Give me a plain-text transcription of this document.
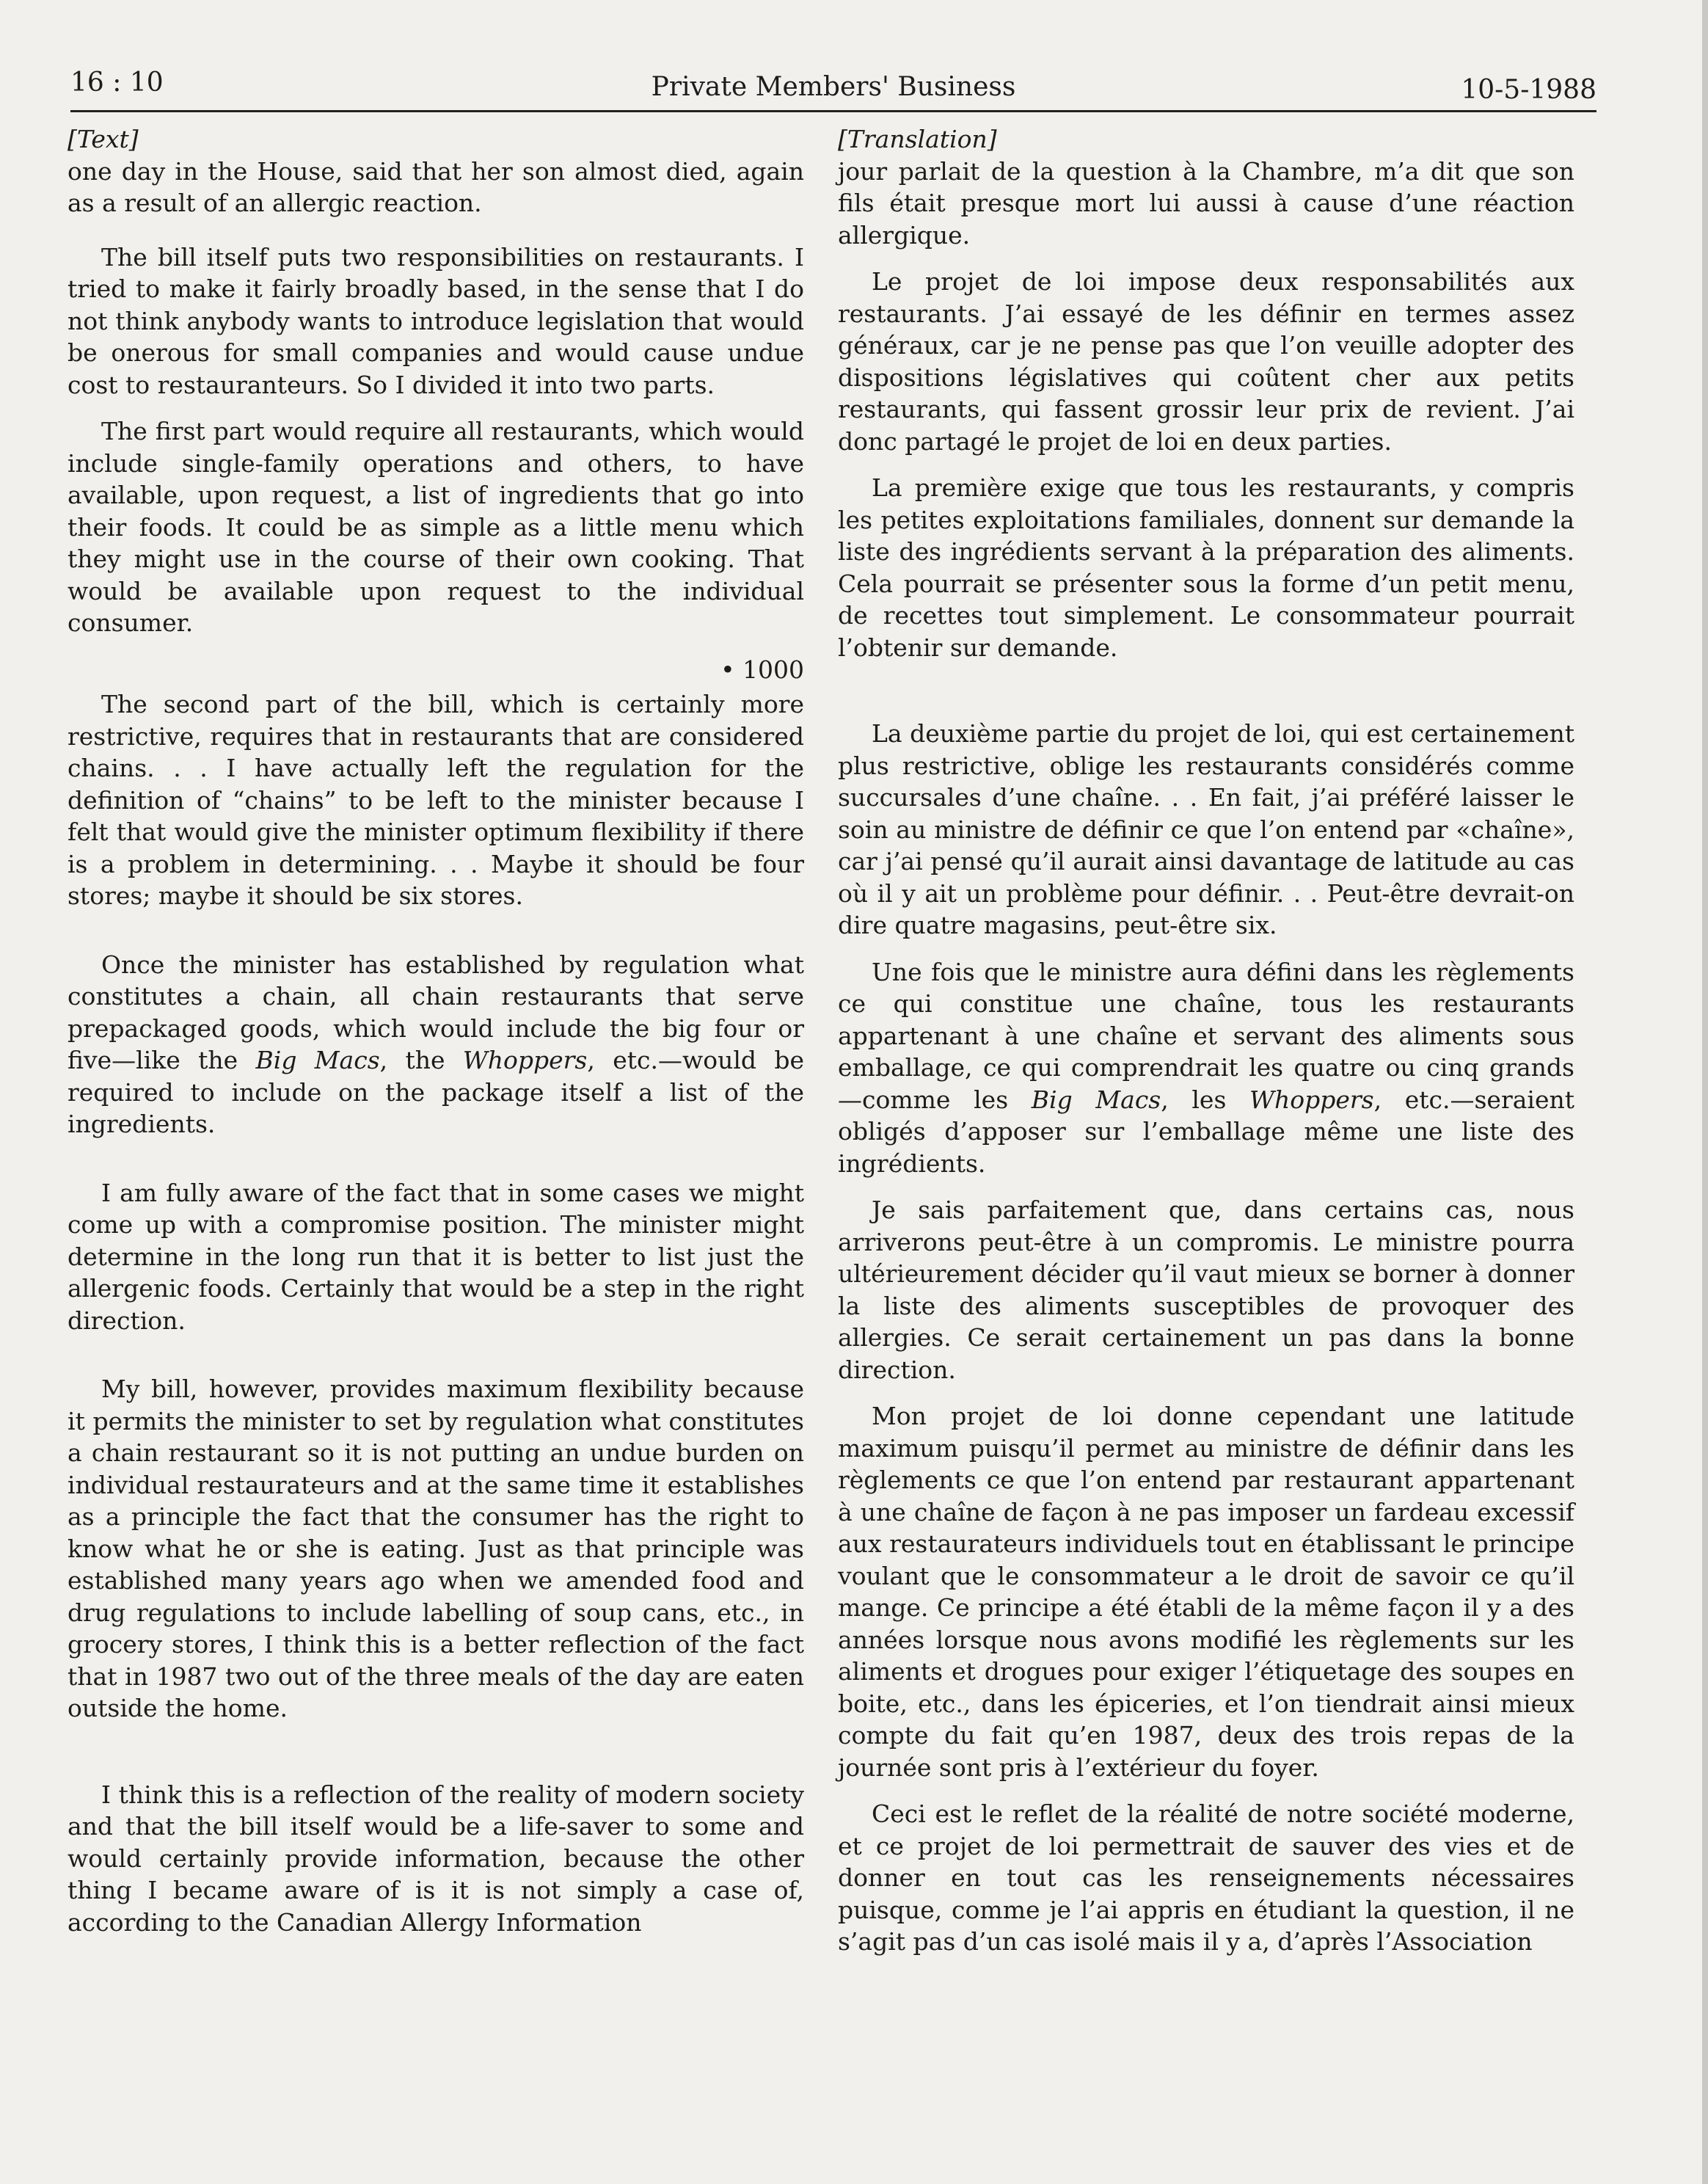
16 : 10	Private Members' Business	10-5-1988
[Text]

one day in the House, said that her son almost died, again as a result of an allergic reaction.

The bill itself puts two responsibilities on restaurants. I tried to make it fairly broadly based, in the sense that I do not think anybody wants to introduce legislation that would be onerous for small companies and would cause undue cost to restauranteurs. So I divided it into two parts.

The first part would require all restaurants, which would include single-family operations and others, to have available, upon request, a list of ingredients that go into their foods. It could be as simple as a little menu which they might use in the course of their own cooking. That would be available upon request to the individual consumer.

• 1000

The second part of the bill, which is certainly more restrictive, requires that in restaurants that are considered chains. . . I have actually left the regulation for the definition of “chains” to be left to the minister because I felt that would give the minister optimum flexibility if there is a problem in determining. . . Maybe it should be four stores; maybe it should be six stores.

Once the minister has established by regulation what constitutes a chain, all chain restaurants that serve prepackaged goods, which would include the big four or five—like the Big Macs, the Whoppers, etc.—would be required to include on the package itself a list of the ingredients.

I am fully aware of the fact that in some cases we might come up with a compromise position. The minister might determine in the long run that it is better to list just the allergenic foods. Certainly that would be a step in the right direction.

My bill, however, provides maximum flexibility because it permits the minister to set by regulation what constitutes a chain restaurant so it is not putting an undue burden on individual restaurateurs and at the same time it establishes as a principle the fact that the consumer has the right to know what he or she is eating. Just as that principle was established many years ago when we amended food and drug regulations to include labelling of soup cans, etc., in grocery stores, I think this is a better reflection of the fact that in 1987 two out of the three meals of the day are eaten outside the home.

I think this is a reflection of the reality of modern society and that the bill itself would be a life-saver to some and would certainly provide information, because the other thing I became aware of is it is not simply a case of, according to the Canadian Allergy Information

[Translation]

jour parlait de la question à la Chambre, m’a dit que son fils était presque mort lui aussi à cause d’une réaction allergique.

Le projet de loi impose deux responsabilités aux restaurants. J’ai essayé de les définir en termes assez généraux, car je ne pense pas que l’on veuille adopter des dispositions législatives qui coûtent cher aux petits restaurants, qui fassent grossir leur prix de revient. J’ai donc partagé le projet de loi en deux parties.

La première exige que tous les restaurants, y compris les petites exploitations familiales, donnent sur demande la liste des ingrédients servant à la préparation des aliments. Cela pourrait se présenter sous la forme d’un petit menu, de recettes tout simplement. Le consommateur pourrait l’obtenir sur demande.

La deuxième partie du projet de loi, qui est certainement plus restrictive, oblige les restaurants considérés comme succursales d’une chaîne. . . En fait, j’ai préféré laisser le soin au ministre de définir ce que l’on entend par «chaîne», car j’ai pensé qu’il aurait ainsi davantage de latitude au cas où il y ait un problème pour définir. . . Peut-être devrait-on dire quatre magasins, peut-être six.

Une fois que le ministre aura défini dans les règlements ce qui constitue une chaîne, tous les restaurants appartenant à une chaîne et servant des aliments sous emballage, ce qui comprendrait les quatre ou cinq grands—comme les Big Macs, les Whoppers, etc.—seraient obligés d’apposer sur l’emballage même une liste des ingrédients.

Je sais parfaitement que, dans certains cas, nous arriverons peut-être à un compromis. Le ministre pourra ultérieurement décider qu’il vaut mieux se borner à donner la liste des aliments susceptibles de provoquer des allergies. Ce serait certainement un pas dans la bonne direction.

Mon projet de loi donne cependant une latitude maximum puisqu’il permet au ministre de définir dans les règlements ce que l’on entend par restaurant appartenant à une chaîne de façon à ne pas imposer un fardeau excessif aux restaurateurs individuels tout en établissant le principe voulant que le consommateur a le droit de savoir ce qu’il mange. Ce principe a été établi de la même façon il y a des années lorsque nous avons modifié les règlements sur les aliments et drogues pour exiger l’étiquetage des soupes en boite, etc., dans les épiceries, et l’on tiendrait ainsi mieux compte du fait qu’en 1987, deux des trois repas de la journée sont pris à l’extérieur du foyer.

Ceci est le reflet de la réalité de notre société moderne, et ce projet de loi permettrait de sauver des vies et de donner en tout cas les renseignements nécessaires puisque, comme je l’ai appris en étudiant la question, il ne s’agit pas d’un cas isolé mais il y a, d’après l’Association
